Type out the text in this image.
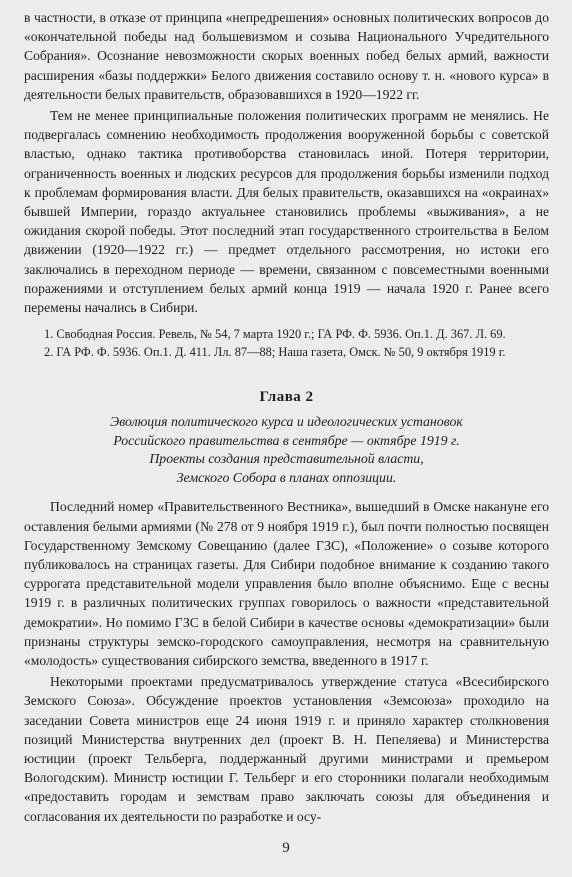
в частности, в отказе от принципа «непредрешения» основных политических вопросов до «окончательной победы над большевизмом и созыва Национального Учредительного Собрания». Осознание невозможности скорых военных побед белых армий, важности расширения «базы поддержки» Белого движения составило основу т. н. «нового курса» в деятельности белых правительств, образовавшихся в 1920—1922 гг.

Тем не менее принципиальные положения политических программ не менялись. Не подвергалась сомнению необходимость продолжения вооруженной борьбы с советской властью, однако тактика противоборства становилась иной. Потеря территории, ограниченность военных и людских ресурсов для продолжения борьбы изменили подход к проблемам формирования власти. Для белых правительств, оказавшихся на «окраинах» бывшей Империи, гораздо актуальнее становились проблемы «выживания», а не ожидания скорой победы. Этот последний этап государственного строительства в Белом движении (1920—1922 гг.) — предмет отдельного рассмотрения, но истоки его заключались в переходном периоде — времени, связанном с повсеместными военными поражениями и отступлением белых армий конца 1919 — начала 1920 г. Ранее всего перемены начались в Сибири.

1. Свободная Россия. Ревель, № 54, 7 марта 1920 г.; ГА РФ. Ф. 5936. Оп.1. Д. 367. Л. 69.

2. ГА РФ. Ф. 5936. Оп.1. Д. 411. Лл. 87—88; Наша газета, Омск. № 50, 9 октября 1919 г.

Глава 2
Эволюция политического курса и идеологических установок
Российского правительства в сентябре — октябре 1919 г.
Проекты создания представительной власти,
Земского Собора в планах оппозиции.

Последний номер «Правительственного Вестника», вышедший в Омске накануне его оставления белыми армиями (№ 278 от 9 ноября 1919 г.), был почти полностью посвящен Государственному Земскому Совещанию (далее ГЗС), «Положение» о созыве которого публиковалось на страницах газеты. Для Сибири подобное внимание к созданию такого суррогата представительной модели управления было вполне объяснимо. Еще с весны 1919 г. в различных политических группах говорилось о важности «представительной демократии». Но помимо ГЗС в белой Сибири в качестве основы «демократизации» были признаны структуры земско-городского самоуправления, несмотря на сравнительную «молодость» существования сибирского земства, введенного в 1917 г.

Некоторыми проектами предусматривалось утверждение статуса «Всесибирского Земского Союза». Обсуждение проектов установления «Земсоюза» проходило на заседании Совета министров еще 24 июня 1919 г. и приняло характер столкновения позиций Министерства внутренних дел (проект В. Н. Пепеляева) и Министерства юстиции (проект Тельберга, поддержанный другими министрами и премьером Вологодским). Министр юстиции Г. Тельберг и его сторонники полагали необходимым «предоставить городам и земствам право заключать союзы для объединения и согласования их деятельности по разработке и осу-

9
